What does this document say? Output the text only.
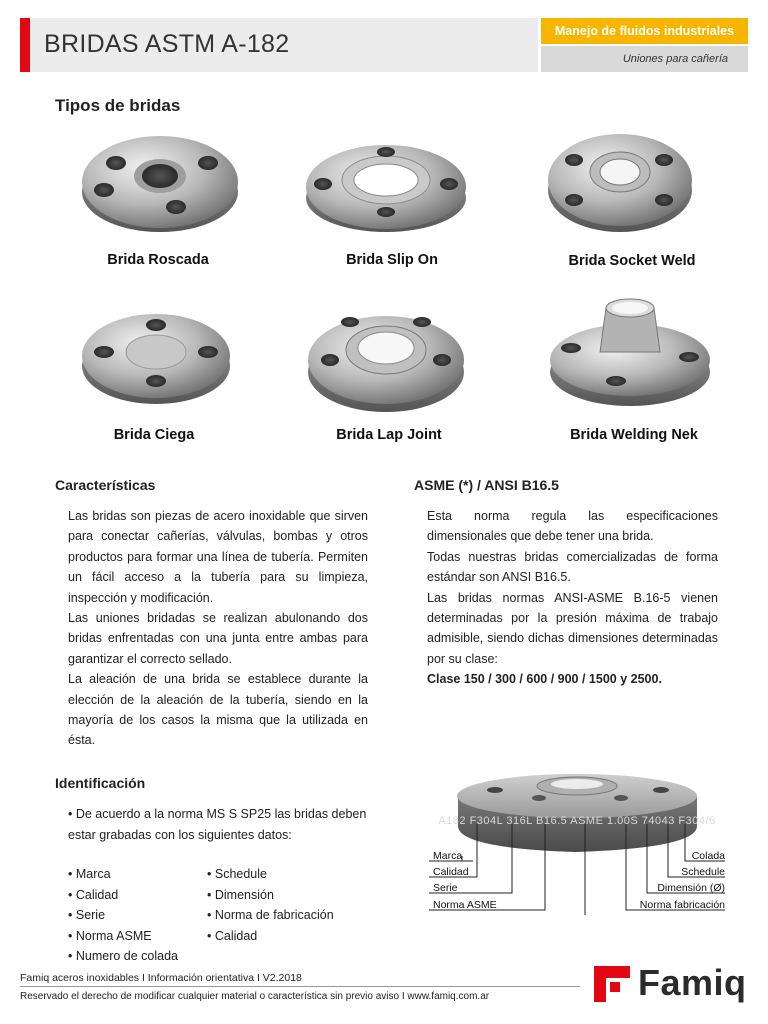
BRIDAS ASTM A-182	Manejo de fluidos industriales
Uniones para cañería
Tipos de bridas
Brida Roscada	Brida Slip On	Brida Socket Weld
Brida Ciega	Brida Lap Joint	Brida Welding Nek
Características

Las bridas son piezas de acero inoxidable que sirven para conectar cañerías, válvulas, bombas y otros productos para formar una línea de tubería. Permiten un fácil acceso a la tubería para su limpieza, inspección y modificación.

Las uniones bridadas se realizan abulonando dos bridas enfrentadas con una junta entre ambas para garantizar el correcto sellado.

La aleación de una brida se establece durante la elección de la aleación de la tubería, siendo en la mayoría de los casos la misma que la utilizada en ésta.

ASME (*) / ANSI B16.5

Esta norma regula las especificaciones dimensionales que debe tener una brida.

Todas nuestras bridas comercializadas de forma estándar son ANSI B16.5.

Las bridas normas ANSI-ASME B.16-5 vienen determinadas por la presión máxima de trabajo admisible, siendo dichas dimensiones determinadas por su clase:

Clase 150 / 300 / 600 / 900 / 1500 y 2500.

Identificación
• De acuerdo a la norma MS S SP25 las bridas deben estar grabadas con los siguientes datos:
• Marca
• Calidad
• Serie
• Norma ASME
• Numero de colada
• Schedule
• Dimensión
• Norma de fabricación
• Calidad
A182 F304L 316L B16.5 ASME 1.00S 74043 F304/6
Marca
Calidad
Serie
Norma ASME
Colada
Schedule
Dimensión (Ø)
Norma fabricación
Famiq aceros inoxidables I Información orientativa I V2.2018
Reservado el derecho de modificar cualquier material o característica sin previo aviso I www.famiq.com.ar	Famiq
